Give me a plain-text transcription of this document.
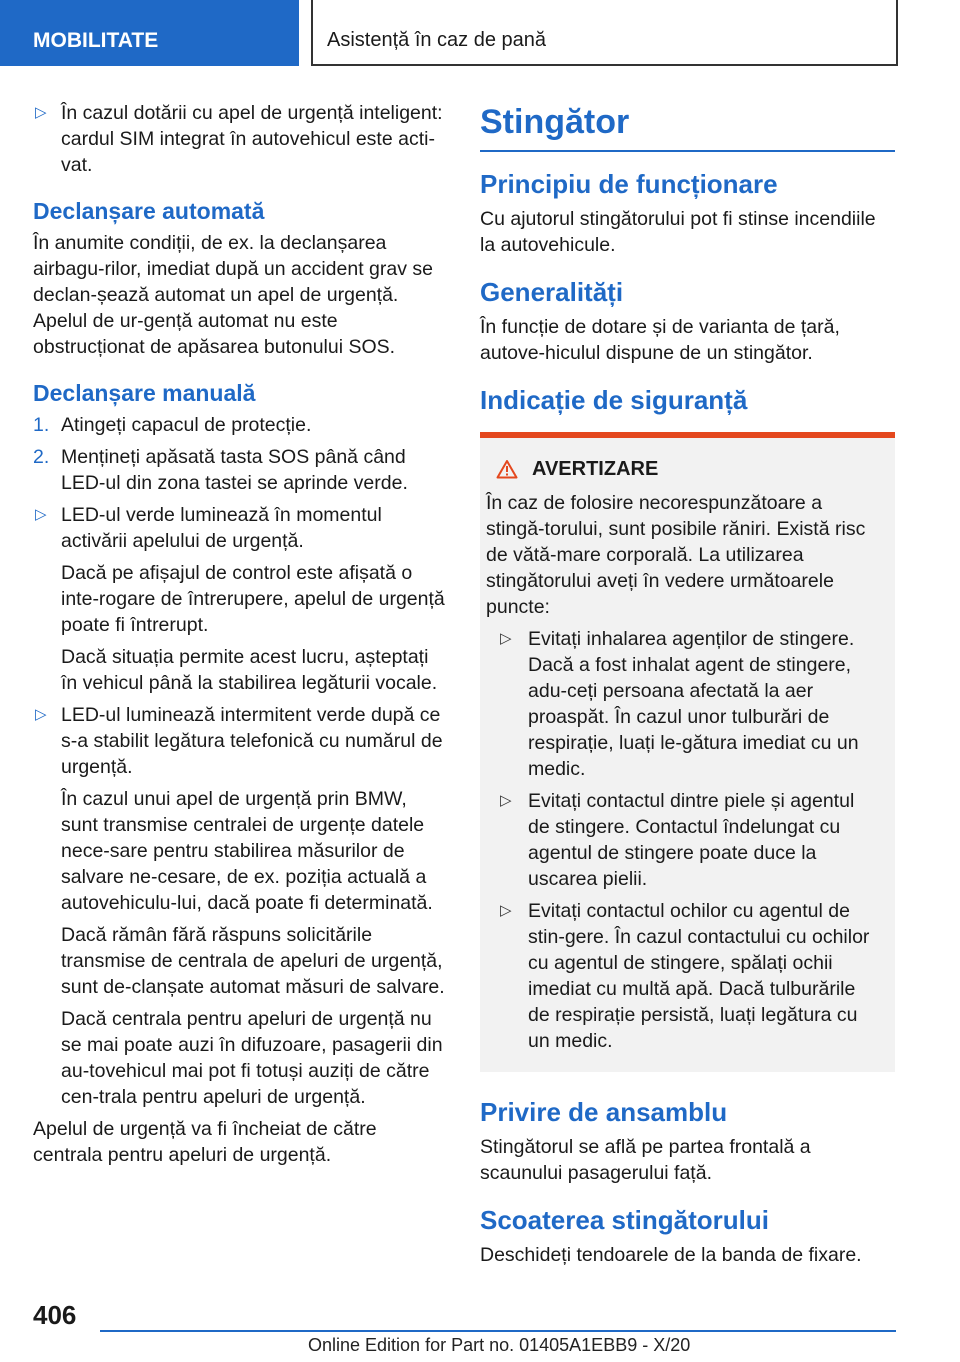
MOBILITATE	Asistență în caz de pană
▷ În cazul dotării cu apel de urgență inteligent: cardul SIM integrat în autovehicul este acti-vat.
Declanșare automată
În anumite condiții, de ex. la declanșarea airbagu-rilor, imediat după un accident grav se declan-șează automat un apel de urgență. Apelul de ur-gență automat nu este obstrucționat de apăsarea butonului SOS.
Declanșare manuală
1. Atingeți capacul de protecție.
2. Mențineți apăsată tasta SOS până când LED-ul din zona tastei se aprinde verde.
▷ LED-ul verde luminează în momentul activării apelului de urgență.
Dacă pe afișajul de control este afișată o inte-rogare de întrerupere, apelul de urgență poate fi întrerupt.
Dacă situația permite acest lucru, așteptați în vehicul până la stabilirea legăturii vocale.
▷ LED-ul luminează intermitent verde după ce s-a stabilit legătura telefonică cu numărul de urgență.
În cazul unui apel de urgență prin BMW, sunt transmise centralei de urgențe datele nece-sare pentru stabilirea măsurilor de salvare ne-cesare, de ex. poziția actuală a autovehiculu-lui, dacă poate fi determinată.
Dacă rămân fără răspuns solicitările transmise de centrala de apeluri de urgență, sunt de-clanșate automat măsuri de salvare.
Dacă centrala pentru apeluri de urgență nu se mai poate auzi în difuzoare, pasagerii din au-tovehicul mai pot fi totuși auziți de către cen-trala pentru apeluri de urgență.
Apelul de urgență va fi încheiat de către centrala pentru apeluri de urgență.
Stingător
Principiu de funcționare
Cu ajutorul stingătorului pot fi stinse incendiile la autovehicule.
Generalități
În funcție de dotare și de varianta de țară, autove-hiculul dispune de un stingător.
Indicație de siguranță
AVERTIZARE
În caz de folosire necorespunzătoare a stingă-torului, sunt posibile răniri. Există risc de vătă-mare corporală. La utilizarea stingătorului aveți în vedere următoarele puncte:
▷ Evitați inhalarea agenților de stingere. Dacă a fost inhalat agent de stingere, adu-ceți persoana afectată la aer proaspăt. În cazul unor tulburări de respirație, luați le-gătura imediat cu un medic.
▷ Evitați contactul dintre piele și agentul de stingere. Contactul îndelungat cu agentul de stingere poate duce la uscarea pielii.
▷ Evitați contactul ochilor cu agentul de stin-gere. În cazul contactului cu ochilor cu agentul de stingere, spălați ochii imediat cu multă apă. Dacă tulburările de respirație persistă, luați legătura cu un medic.
Privire de ansamblu
Stingătorul se află pe partea frontală a scaunului pasagerului față.
Scoaterea stingătorului
Deschideți tendoarele de la banda de fixare.
406
Online Edition for Part no. 01405A1EBB9 - X/20
